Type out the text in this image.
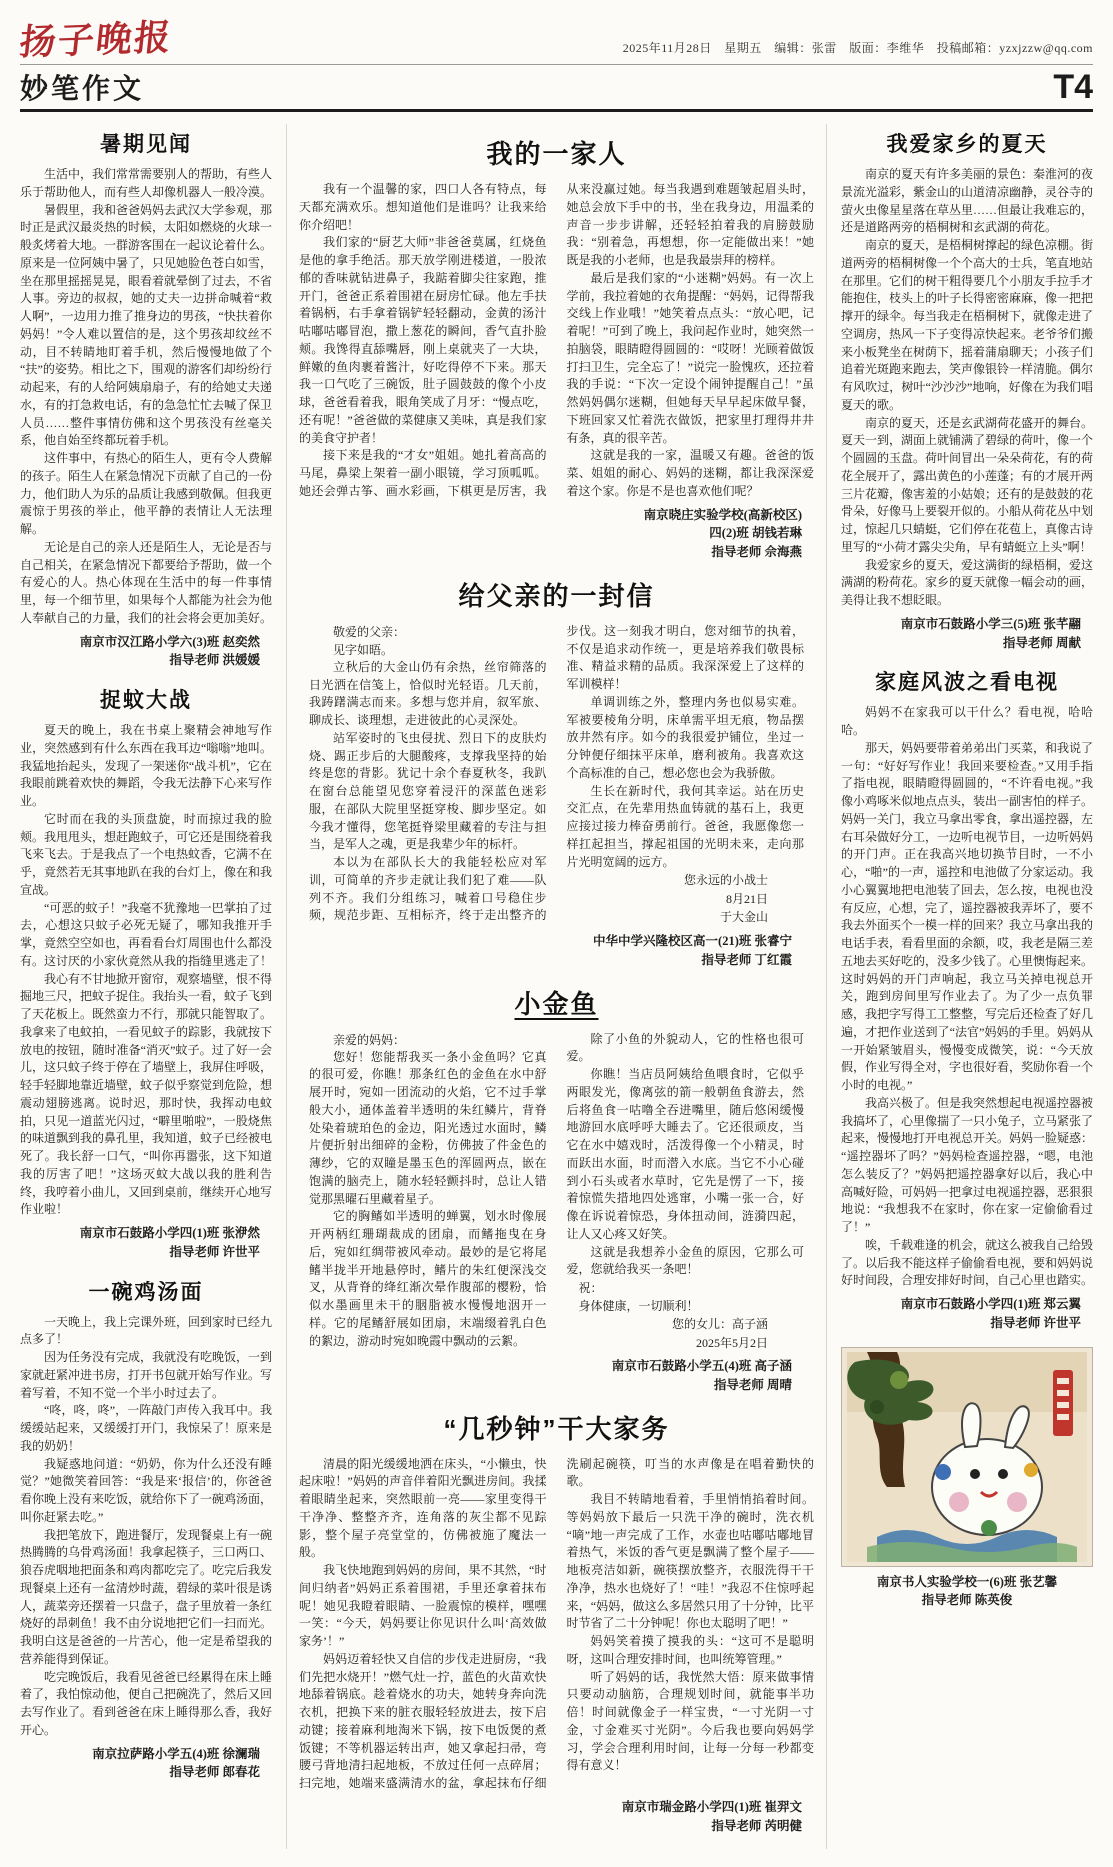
扬子晚报	2025年11月28日　星期五　编辑：张雷　版面：李维华　投稿邮箱：yzxjzzw@qq.com
妙笔作文	T4
暑期见闻

生活中，我们常常需要别人的帮助，有些人乐于帮助他人，而有些人却像机器人一般冷漠。

暑假里，我和爸爸妈妈去武汉大学参观，那时正是武汉最炎热的时候，太阳如燃烧的火球一般炙烤着大地。一群游客围在一起议论着什么。原来是一位阿姨中暑了，只见她脸色苍白如雪，坐在那里摇摇晃晃，眼看着就晕倒了过去，不省人事。旁边的叔叔，她的丈夫一边拼命喊着“救人啊”，一边用力推了推身边的男孩，“快扶着你妈妈！”令人难以置信的是，这个男孩却纹丝不动，目不转睛地盯着手机，然后慢慢地做了个“扶”的姿势。相比之下，围观的游客们却纷纷行动起来，有的人给阿姨扇扇子，有的给她丈夫递水，有的打急救电话，有的急急忙忙去喊了保卫人员……整件事情仿佛和这个男孩没有丝毫关系，他自始至终都玩着手机。

这件事中，有热心的陌生人，更有令人费解的孩子。陌生人在紧急情况下贡献了自己的一份力，他们助人为乐的品质让我感到敬佩。但我更震惊于男孩的举止，他平静的表情让人无法理解。

无论是自己的亲人还是陌生人，无论是否与自己相关，在紧急情况下都要给予帮助，做一个有爱心的人。热心体现在生活中的每一件事情里，每一个细节里，如果每个人都能为社会为他人奉献自己的力量，我们的社会将会更加美好。

南京市汉江路小学六(3)班 赵奕然
指导老师 洪媛媛
捉蚊大战

夏天的晚上，我在书桌上聚精会神地写作业，突然感到有什么东西在我耳边“嗡嗡”地叫。我猛地抬起头，发现了一架迷你“战斗机”，它在我眼前跳着欢快的舞蹈，令我无法静下心来写作业。

它时而在我的头顶盘旋，时而掠过我的脸颊。我甩甩头，想赶跑蚊子，可它还是围绕着我飞来飞去。于是我点了一个电热蚊香，它满不在乎，竟然若无其事地趴在我的台灯上，像在和我宣战。

“可恶的蚊子！”我毫不犹豫地一巴掌拍了过去，心想这只蚊子必死无疑了，哪知我推开手掌，竟然空空如也，再看看台灯周围也什么都没有。这讨厌的小家伙竟然从我的指缝里逃走了！

我心有不甘地掀开窗帘，观察墙壁，恨不得掘地三尺，把蚊子捉住。我抬头一看，蚊子飞到了天花板上。既然蛮力不行，那就只能智取了。我拿来了电蚊拍，一看见蚊子的踪影，我就按下放电的按钮，随时准备“消灭”蚊子。过了好一会儿，这只蚊子终于停在了墙壁上，我屏住呼吸，轻手轻脚地靠近墙壁，蚊子似乎察觉到危险，想震动翅膀逃离。说时迟，那时快，我挥动电蚊拍，只见一道蓝光闪过，“噼里啪啦”，一股烧焦的味道飘到我的鼻孔里，我知道，蚊子已经被电死了。我长舒一口气，“叫你再嚣张，这下知道我的厉害了吧！”这场灭蚊大战以我的胜利告终，我哼着小曲儿，又回到桌前，继续开心地写作业啦！

南京市石鼓路小学四(1)班 张洢然
指导老师 许世平
一碗鸡汤面

一天晚上，我上完课外班，回到家时已经九点多了！

因为任务没有完成，我就没有吃晚饭，一到家就赶紧冲进书房，打开书包就开始写作业。写着写着，不知不觉一个半小时过去了。

“咚，咚，咚”，一阵敲门声传入我耳中。我缓缓站起来，又缓缓打开门，我惊呆了！原来是我的奶奶！

我疑惑地问道：“奶奶，你为什么还没有睡觉？”她微笑着回答：“我是来‘报信’的，你爸爸看你晚上没有来吃饭，就给你下了一碗鸡汤面，叫你赶紧去吃。”

我把笔放下，跑进餐厅，发现餐桌上有一碗热腾腾的乌骨鸡汤面！我拿起筷子，三口两口、狼吞虎咽地把面条和鸡肉都吃完了。吃完后我发现餐桌上还有一盆清炒时蔬，碧绿的菜叶很是诱人，蔬菜旁还摆着一只盘子，盘子里放着一条红烧好的昂刺鱼！我不由分说地把它们一扫而光。我明白这是爸爸的一片苦心，他一定是希望我的营养能得到保证。

吃完晚饭后，我看见爸爸已经累得在床上睡着了，我怕惊动他，便自己把碗洗了，然后又回去写作业了。看到爸爸在床上睡得那么香，我好开心。

南京拉萨路小学五(4)班 徐澜瑞
指导老师 郎春花
我的一家人

我有一个温馨的家，四口人各有特点，每天都充满欢乐。想知道他们是谁吗？让我来给你介绍吧！

我们家的“厨艺大师”非爸爸莫属，红烧鱼是他的拿手绝活。那天放学刚进楼道，一股浓郁的香味就钻进鼻子，我踮着脚尖往家跑，推开门，爸爸正系着围裙在厨房忙碌。他左手扶着锅柄，右手拿着锅铲轻轻翻动，金黄的汤汁咕嘟咕嘟冒泡，撒上葱花的瞬间，香气直扑脸颊。我馋得直舔嘴唇，刚上桌就夹了一大块，鲜嫩的鱼肉裹着酱汁，好吃得停不下来。那天我一口气吃了三碗饭，肚子圆鼓鼓的像个小皮球，爸爸看着我，眼角笑成了月牙：“慢点吃，还有呢！”爸爸做的菜健康又美味，真是我们家的美食守护者！

接下来是我的“才女”姐姐。她扎着高高的马尾，鼻梁上架着一副小眼镜，学习顶呱呱。她还会弹古筝、画水彩画，下棋更是厉害，我从来没赢过她。每当我遇到难题皱起眉头时，她总会放下手中的书，坐在我身边，用温柔的声音一步步讲解，还轻轻拍着我的肩膀鼓励我：“别着急，再想想，你一定能做出来！”她既是我的小老师，也是我最崇拜的榜样。

最后是我们家的“小迷糊”妈妈。有一次上学前，我拉着她的衣角提醒：“妈妈，记得帮我交线上作业哦！”她笑着点点头：“放心吧，记着呢！”可到了晚上，我问起作业时，她突然一拍脑袋，眼睛瞪得圆圆的：“哎呀！光顾着做饭打扫卫生，完全忘了！”说完一脸愧疚，还拉着我的手说：“下次一定设个闹钟提醒自己！”虽然妈妈偶尔迷糊，但她每天早早起床做早餐，下班回家又忙着洗衣做饭，把家里打理得井井有条，真的很辛苦。

这就是我的一家，温暖又有趣。爸爸的饭菜、姐姐的耐心、妈妈的迷糊，都让我深深爱着这个家。你是不是也喜欢他们呢？

南京晓庄实验学校(高新校区)
四(2)班 胡钱若琳
指导老师 佘海燕
给父亲的一封信

敬爱的父亲：

见字如晤。

立秋后的大金山仍有余热，丝帘筛落的日光洒在信笺上，恰似时光轻语。几天前，我踌躇满志而来。多想与您并肩，叙军旅、聊成长、谈理想，走进彼此的心灵深处。

站军姿时的飞虫侵扰、烈日下的皮肤灼烧、踢正步后的大腿酸疼，支撑我坚持的始终是您的背影。犹记十余个春夏秋冬，我趴在窗台总能望见您穿着浸汗的深蓝色迷彩服，在部队大院里坚挺穿梭、脚步坚定。如今我才懂得，您笔挺脊梁里藏着的专注与担当，是军人之魂，更是我辈少年的标杆。

本以为在部队长大的我能轻松应对军训，可简单的齐步走就让我们犯了难——队列不齐。我们分组练习，喊着口号稳住步频，规范步距、互相标齐，终于走出整齐的步伐。这一刻我才明白，您对细节的执着，不仅是追求动作统一，更是培养我们敬畏标准、精益求精的品质。我深深爱上了这样的军训模样！

单调训练之外，整理内务也似易实难。军被要棱角分明，床单需平坦无痕，物品摆放井然有序。如今的我很爱护铺位，坐过一分钟便仔细抹平床单，磨利被角。我喜欢这个高标准的自己，想必您也会为我骄傲。

生长在新时代，我何其幸运。站在历史交汇点，在先辈用热血铸就的基石上，我更应接过接力棒奋勇前行。爸爸，我愿像您一样扛起担当，撑起祖国的光明未来，走向那片光明宽阔的远方。

您永远的小战士
8月21日
于大金山
中华中学兴隆校区高一(21)班 张睿宁
指导老师 丁红霞
小金鱼

亲爱的妈妈：

您好！您能帮我买一条小金鱼吗？它真的很可爱，你瞧！那条红色的金鱼在水中舒展开时，宛如一团流动的火焰，它不过手掌般大小，通体盖着半透明的朱红鳞片，背脊处染着琥珀色的金边，阳光透过水面时，鳞片便折射出细碎的金粉，仿佛披了件金色的薄纱，它的双瞳是墨玉色的浑圆两点，嵌在饱满的脑壳上，随水轻轻颤抖时，总让人错觉那黑曜石里藏着星子。

它的胸鳍如半透明的蝉翼，划水时像展开两柄红珊瑚裁成的团扇，而鳍拖曳在身后，宛如红绸带被风牵动。最妙的是它将尾鳍半拢半开地悬停时，鳍片的朱红便深浅交叉，从背脊的绛红渐次晕作腹部的樱粉，恰似水墨画里未干的胭脂被水慢慢地洇开一样。它的尾鳍舒展如团扇，末端缀着乳白色的絮边，游动时宛如晚霞中飘动的云絮。

除了小鱼的外貌动人，它的性格也很可爱。

你瞧！当店员阿姨给鱼喂食时，它似乎两眼发光，像离弦的箭一般朝鱼食游去，然后将鱼食一咕噜全吞进嘴里，随后悠闲缓慢地游回水底呼呼大睡去了。它还很顽皮，当它在水中嬉戏时，活泼得像一个小精灵，时而跃出水面，时而潜入水底。当它不小心碰到小石头或者水草时，它先是愣了一下，接着惊慌失措地四处逃窜，小嘴一张一合，好像在诉说着惊恐，身体扭动间，涟漪四起，让人又心疼又好笑。

这就是我想养小金鱼的原因，它那么可爱，您就给我买一条吧！

祝：

身体健康，一切顺利！

您的女儿：高子涵
2025年5月2日
南京市石鼓路小学五(4)班 高子涵
指导老师 周晴
“几秒钟”干大家务

清晨的阳光缓缓地洒在床头，“小懒虫，快起床啦！”妈妈的声音伴着阳光飘进房间。我揉着眼睛坐起来，突然眼前一亮——家里变得干干净净、整整齐齐，连角落的灰尘都不见踪影，整个屋子亮堂堂的，仿佛被施了魔法一般。

我飞快地跑到妈妈的房间，果不其然，“时间归纳者”妈妈正系着围裙，手里还拿着抹布呢！她见我瞪着眼睛、一脸震惊的模样，嘿嘿一笑：“今天，妈妈要让你见识什么叫‘高效做家务’！”

妈妈迈着轻快又自信的步伐走进厨房，“我们先把水烧开！”燃气灶一拧，蓝色的火苗欢快地舔着锅底。趁着烧水的功夫，她转身奔向洗衣机，把换下来的脏衣服轻轻放进去，按下启动键；接着麻利地淘米下锅，按下电饭煲的煮饭键；不等机器运转出声，她又拿起扫帚，弯腰弓背地清扫起地板，不放过任何一点碎屑；扫完地，她端来盛满清水的盆，拿起抹布仔细洗刷起碗筷，叮当的水声像是在唱着勤快的歌。

我目不转睛地看着，手里悄悄掐着时间。等妈妈放下最后一只洗干净的碗时，洗衣机“嘀”地一声完成了工作，水壶也咕嘟咕嘟地冒着热气，米饭的香气更是飘满了整个屋子——地板亮洁如新，碗筷摆放整齐，衣服洗得干干净净，热水也烧好了！“哇！”我忍不住惊呼起来，“妈妈，做这么多居然只用了十分钟，比平时节省了二十分钟呢！你也太聪明了吧！”

妈妈笑着摸了摸我的头：“这可不是聪明呀，这叫合理安排时间，也叫统筹管理。”

听了妈妈的话，我恍然大悟：原来做事情只要动动脑筋，合理规划时间，就能事半功倍！时间就像金子一样宝贵，“一寸光阴一寸金，寸金难买寸光阴”。今后我也要向妈妈学习，学会合理利用时间，让每一分每一秒都变得有意义！

南京市瑞金路小学四(1)班 崔羿文
指导老师 芮明健
我爱家乡的夏天

南京的夏天有许多美丽的景色：秦淮河的夜景流光溢彩，紫金山的山道清凉幽静，灵谷寺的萤火虫像星星落在草丛里……但最让我难忘的，还是道路两旁的梧桐树和玄武湖的荷花。

南京的夏天，是梧桐树撑起的绿色凉棚。街道两旁的梧桐树像一个个高大的士兵，笔直地站在那里。它们的树干粗得要几个小朋友手拉手才能抱住，枝头上的叶子长得密密麻麻，像一把把撑开的绿伞。每当我走在梧桐树下，就像走进了空调房，热风一下子变得凉快起来。老爷爷们搬来小板凳坐在树荫下，摇着蒲扇聊天；小孩子们追着光斑跑来跑去，笑声像银铃一样清脆。偶尔有风吹过，树叶“沙沙沙”地响，好像在为我们唱夏天的歌。

南京的夏天，还是玄武湖荷花盛开的舞台。夏天一到，湖面上就铺满了碧绿的荷叶，像一个个圆圆的玉盘。荷叶间冒出一朵朵荷花，有的荷花全展开了，露出黄色的小莲蓬；有的才展开两三片花瓣，像害羞的小姑娘；还有的是鼓鼓的花骨朵，好像马上要裂开似的。小船从荷花丛中划过，惊起几只蜻蜓，它们停在花苞上，真像古诗里写的“小荷才露尖尖角，早有蜻蜓立上头”啊！

我爱家乡的夏天，爱这满街的绿梧桐，爱这满湖的粉荷花。家乡的夏天就像一幅会动的画，美得让我不想眨眼。

南京市石鼓路小学三(5)班 张芊翮
指导老师 周献
家庭风波之看电视

妈妈不在家我可以干什么？看电视，哈哈哈。

那天，妈妈要带着弟弟出门买菜，和我说了一句：“好好写作业！我回来要检查。”又用手指了指电视，眼睛瞪得圆圆的，“不许看电视。”我像小鸡啄米似地点点头，装出一副害怕的样子。妈妈一关门，我立马拿出零食，拿出遥控器，左右耳朵做好分工，一边听电视节目，一边听妈妈的开门声。正在我高兴地切换节目时，一不小心，“啪”的一声，遥控和电池做了分家运动。我小心翼翼地把电池装了回去，怎么按，电视也没有反应，心想，完了，遥控器被我弄坏了，要不我去外面买个一模一样的回来？我立马拿出我的电话手表，看看里面的余额，哎，我老是隔三差五地去买好吃的，没多少钱了。心里懊悔起来。这时妈妈的开门声响起，我立马关掉电视总开关，跑到房间里写作业去了。为了少一点负罪感，我把字写得工工整整，写完后还检查了好几遍，才把作业送到了“法官”妈妈的手里。妈妈从一开始紧皱眉头，慢慢变成微笑，说：“今天放假，作业写得全对，字也很好看，奖励你看一个小时的电视。”

我高兴极了。但是我突然想起电视遥控器被我搞坏了，心里像揣了一只小兔子，立马紧张了起来，慢慢地打开电视总开关。妈妈一脸疑惑：“遥控器坏了吗？”妈妈检查遥控器，“嗯，电池怎么装反了？”妈妈把遥控器拿好以后，我心中高喊好险，可妈妈一把拿过电视遥控器，恶狠狠地说：“我想我不在家时，你在家一定偷偷看过了！”

唉，千载难逢的机会，就这么被我自己给毁了。以后我不能这样子偷偷看电视，要和妈妈说好时间段，合理安排好时间，自己心里也踏实。

南京市石鼓路小学四(1)班 郑云翼
指导老师 许世平
南京书人实验学校一(6)班 张艺馨
指导老师 陈英俊
